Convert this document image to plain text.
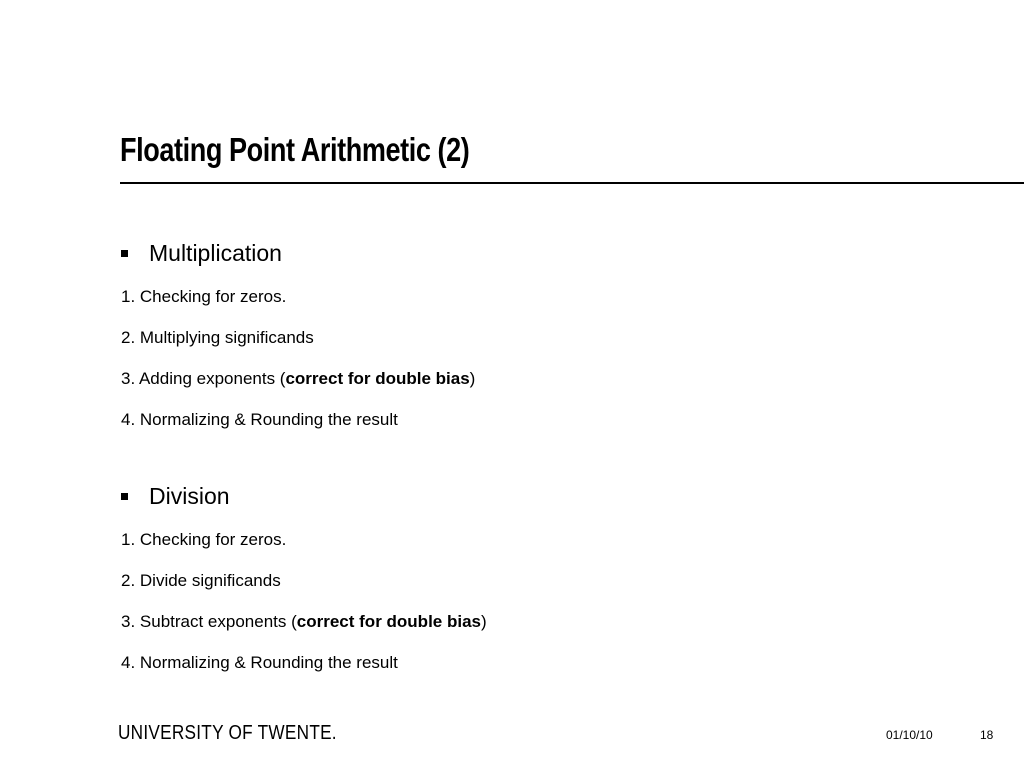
Floating Point Arithmetic (2)
Multiplication
1. Checking for zeros.
2. Multiplying significands
3. Adding exponents (correct for double bias)
4. Normalizing & Rounding the result
Division
1. Checking for zeros.
2. Divide significands
3. Subtract exponents (correct for double bias)
4. Normalizing & Rounding the result
UNIVERSITY OF TWENTE.	01/10/10	18
